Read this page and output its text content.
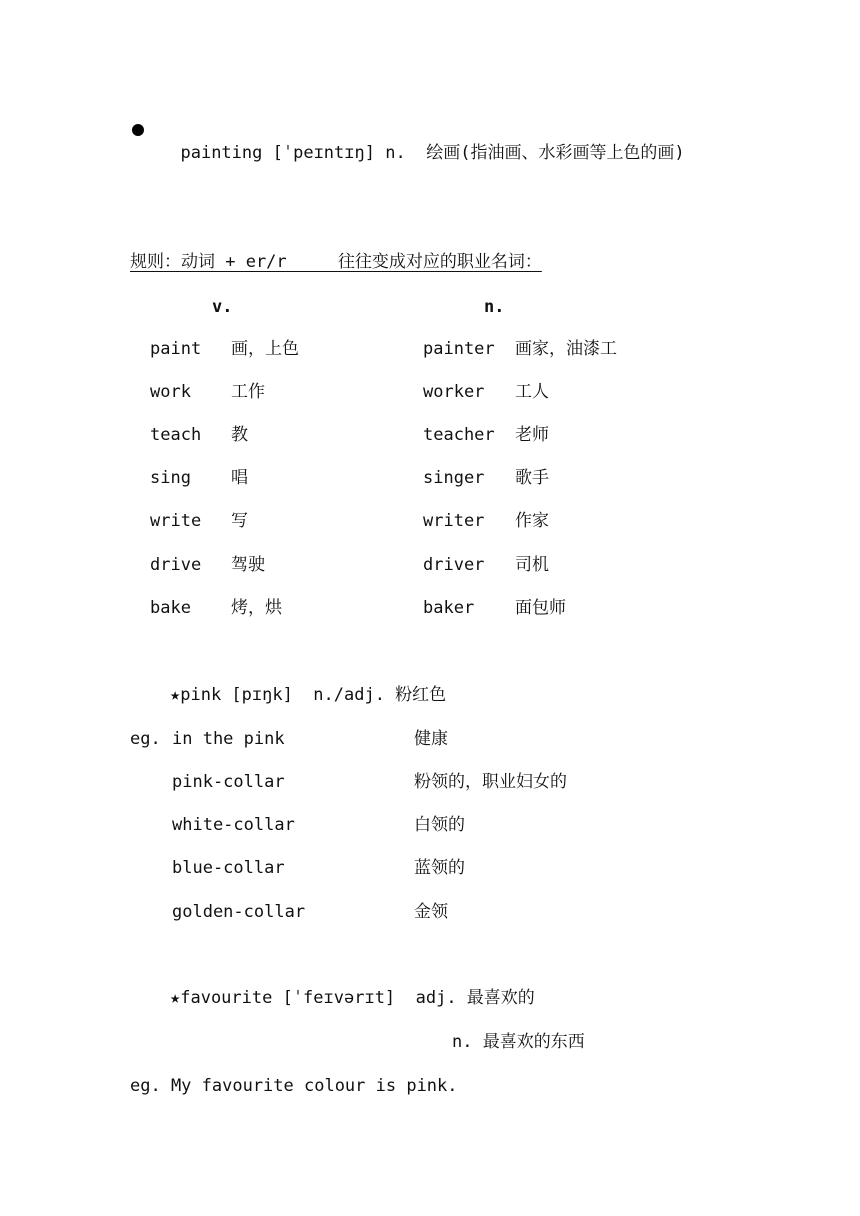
painting [ˈpeɪntɪŋ] n. 绘画(指油画、水彩画等上色的画)

规则：动词 + er/r     往往变成对应的职业名词：
v.	n.
paint 画，上色	painter 画家，油漆工
work 工作	worker 工人
teach 教	teacher 老师
sing 唱	singer 歌手
write 写	writer 作家
drive 驾驶	driver 司机
bake 烤，烘	baker 面包师
★pink [pɪŋk]  n./adj. 粉红色
eg. in the pink	健康
pink-collar	粉领的，职业妇女的
white-collar	白领的
blue-collar	蓝领的
golden-collar	金领
★favourite [ˈfeɪvərɪt]  adj. 最喜欢的
n. 最喜欢的东西
eg. My favourite colour is pink.
